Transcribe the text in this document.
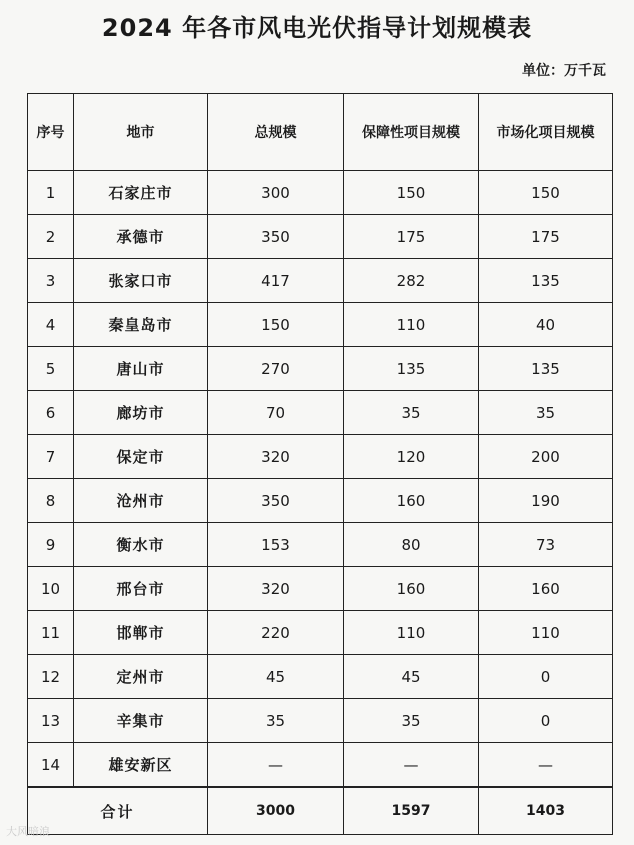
2024 年各市风电光伏指导计划规模表
单位：万千瓦
序号	地市	总规模	保障性项目规模	市场化项目规模
1	石家庄市	300	150	150
2	承德市	350	175	175
3	张家口市	417	282	135
4	秦皇岛市	150	110	40
5	唐山市	270	135	135
6	廊坊市	70	35	35
7	保定市	320	120	200
8	沧州市	350	160	190
9	衡水市	153	80	73
10	邢台市	320	160	160
11	邯郸市	220	110	110
12	定州市	45	45	0
13	辛集市	35	35	0
14	雄安新区	—	—	—
合计		3000	1597	1403
大风暗浪
